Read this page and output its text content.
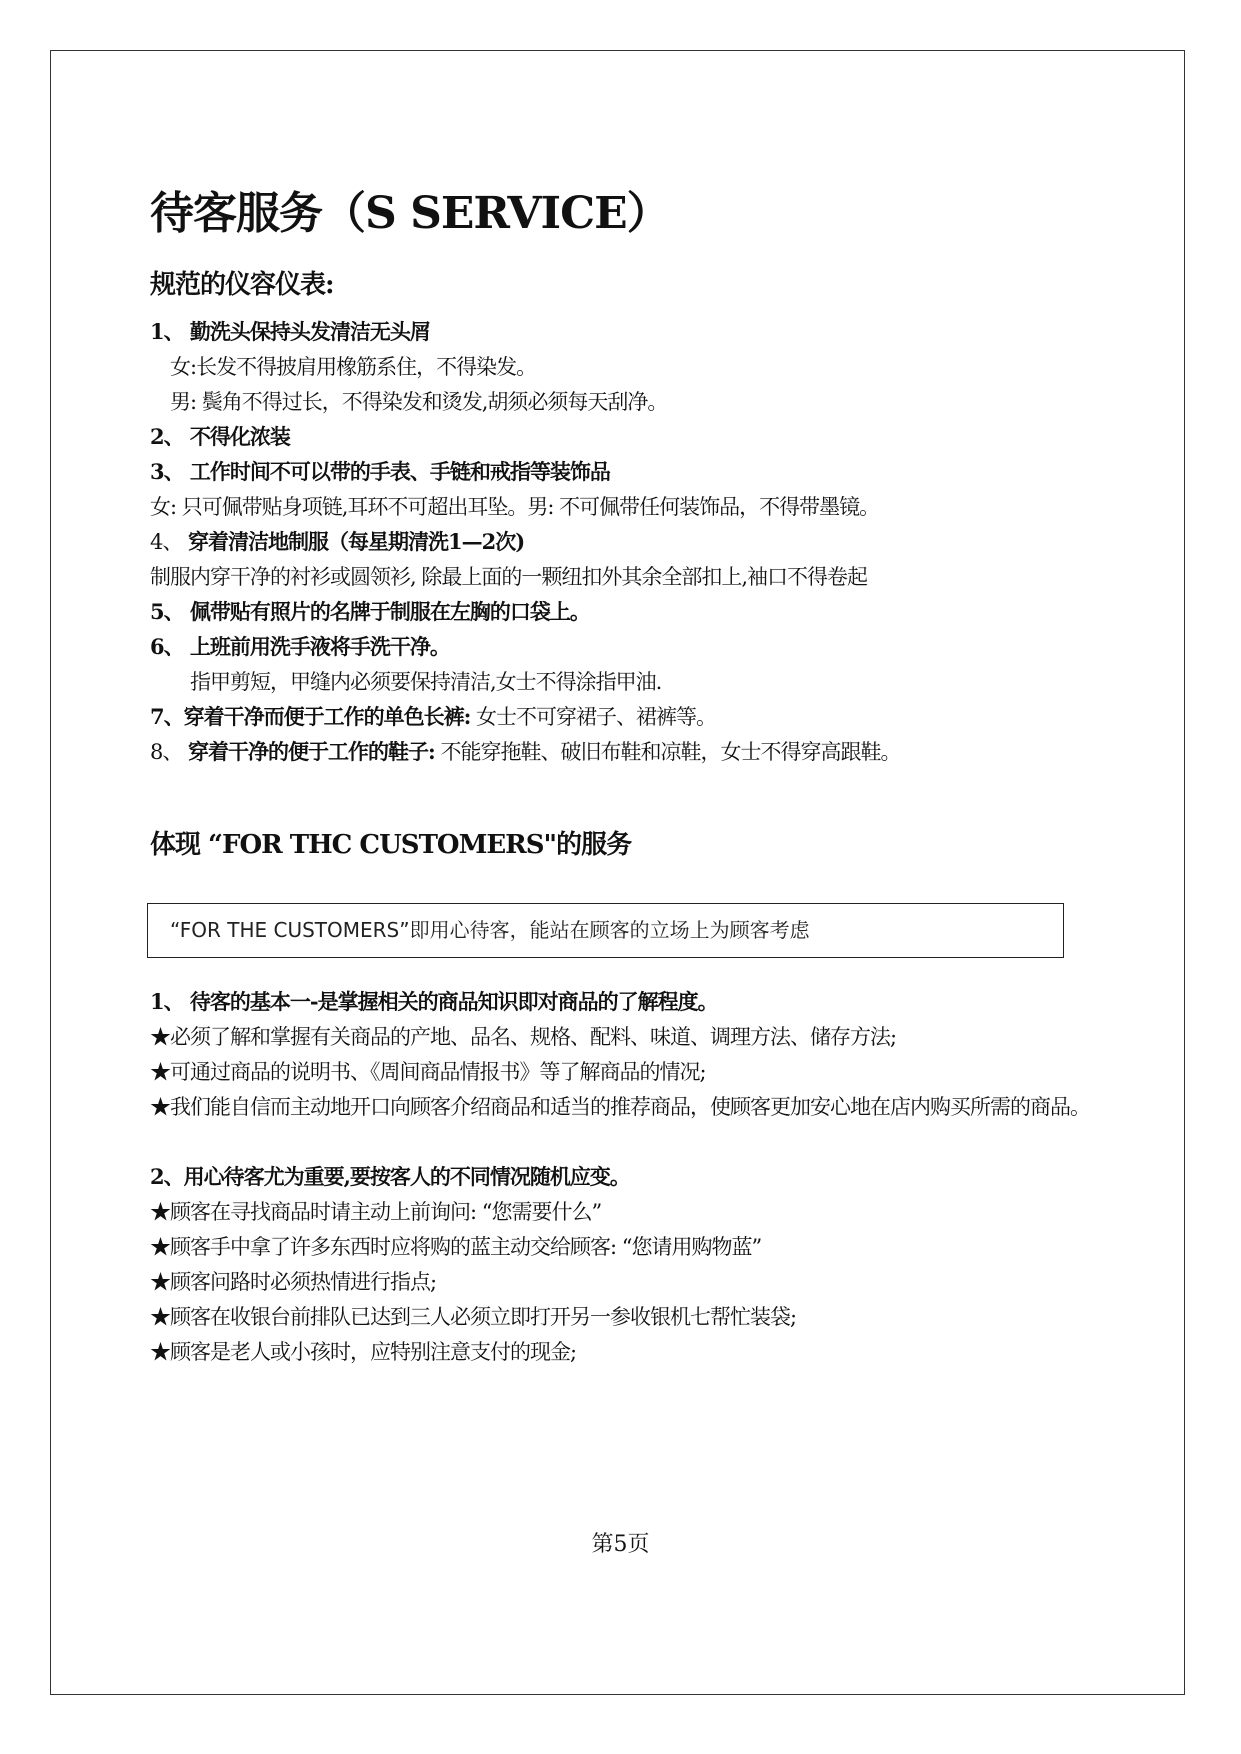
待客服务（S SERVICE）
规范的仪容仪表:
1、 勤洗头保持头发清洁无头屑
女:长发不得披肩用橡筋系住，不得染发。
男: 鬓角不得过长，不得染发和烫发,胡须必须每天刮净。
2、 不得化浓装
3、 工作时间不可以带的手表、手链和戒指等装饰品
女: 只可佩带贴身项链,耳环不可超出耳坠。男: 不可佩带任何装饰品，不得带墨镜。
4、 穿着清洁地制服（每星期清洗1—2次)
制服内穿干净的衬衫或圆领衫, 除最上面的一颗纽扣外其余全部扣上,袖口不得卷起
5、 佩带贴有照片的名牌于制服在左胸的口袋上。
6、 上班前用洗手液将手洗干净。
指甲剪短，甲缝内必须要保持清洁,女士不得涂指甲油.
7、穿着干净而便于工作的单色长裤: 女士不可穿裙子、裙裤等。
8、 穿着干净的便于工作的鞋子: 不能穿拖鞋、破旧布鞋和凉鞋，女士不得穿高跟鞋。
体现 “FOR THC CUSTOMERS"的服务
1、 待客的基本一-是掌握相关的商品知识即对商品的了解程度。
★必须了解和掌握有关商品的产地、品名、规格、配料、味道、调理方法、储存方法;
★可通过商品的说明书、《周间商品情报书》等了解商品的情况;
★我们能自信而主动地开口向顾客介绍商品和适当的推荐商品，使顾客更加安心地在店内购买所需的商品。
2、用心待客尤为重要,要按客人的不同情况随机应变。
★顾客在寻找商品时请主动上前询问: “您需要什么”
★顾客手中拿了许多东西时应将购的蓝主动交给顾客: “您请用购物蓝”
★顾客问路时必须热情进行指点;
★顾客在收银台前排队已达到三人必须立即打开另一参收银机七帮忙装袋;
★顾客是老人或小孩时，应特别注意支付的现金;
“FOR THE CUSTOMERS”即用心待客，能站在顾客的立场上为顾客考虑
第5页
